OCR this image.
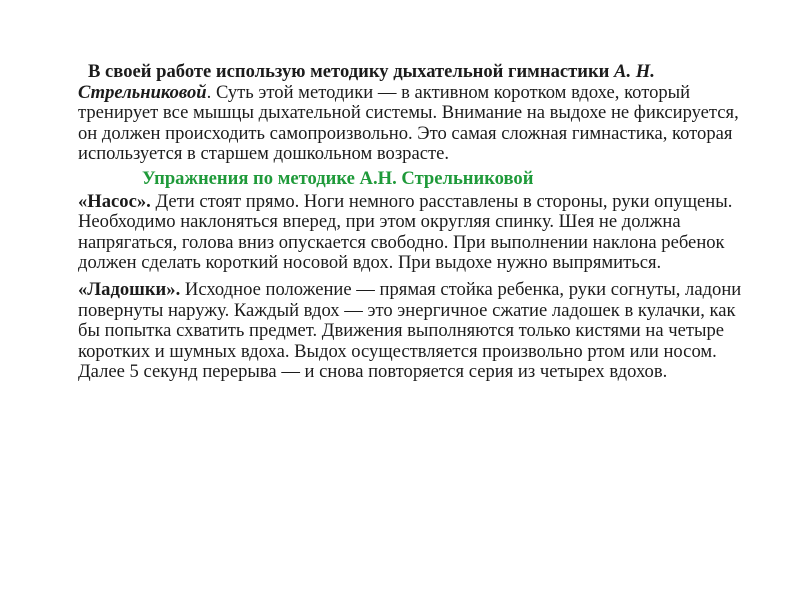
В своей работе использую методику дыхательной гимнастики А. Н. Стрельниковой. Суть этой методики — в активном коротком вдохе, который тренирует все мышцы дыхательной системы. Внимание на выдохе не фиксируется, он должен происходить самопроизвольно. Это самая сложная гимнастика, которая используется в старшем дошкольном возрасте.

Упражнения по методике А.Н. Стрельниковой

«Насос». Дети стоят прямо. Ноги немного расставлены в стороны, руки опущены. Необходимо наклоняться вперед, при этом округляя спинку. Шея не должна напрягаться, голова вниз опускается свободно. При выполнении наклона ребенок должен сделать короткий носовой вдох. При выдохе нужно выпрямиться.

«Ладошки». Исходное положение — прямая стойка ребенка, руки согнуты, ладони повернуты наружу. Каждый вдох — это энергичное сжатие ладошек в кулачки, как бы попытка схватить предмет. Движения выполняются только кистями на четыре коротких и шумных вдоха. Выдох осуществляется произвольно ртом или носом. Далее 5 секунд перерыва — и снова повторяется серия из четырех вдохов.
